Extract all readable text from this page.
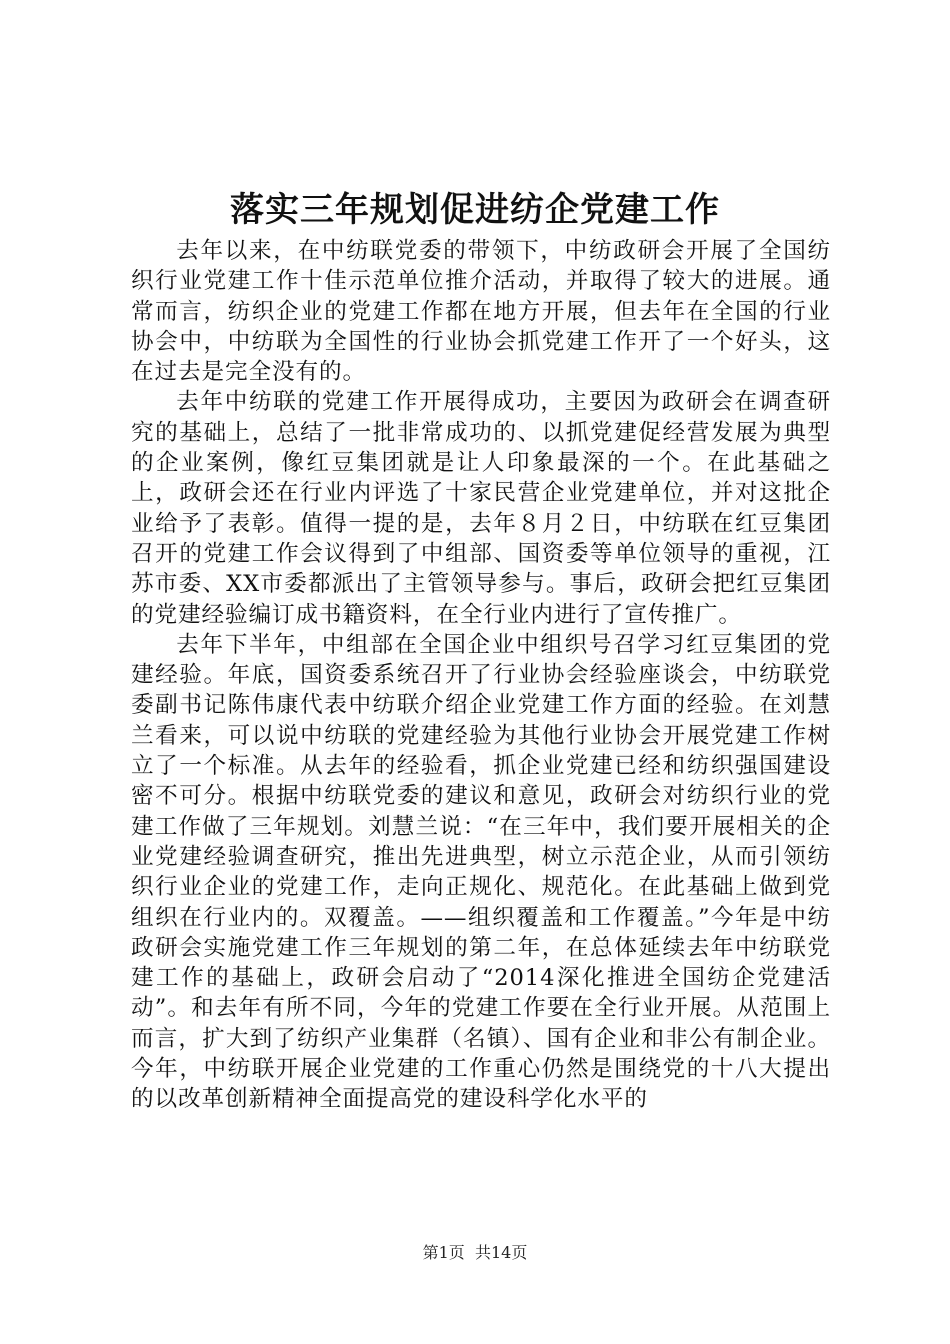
落实三年规划促进纺企党建工作

去年以来，在中纺联党委的带领下，中纺政研会开展了全国纺织行业党建工作十佳示范单位推介活动，并取得了较大的进展。通常而言，纺织企业的党建工作都在地方开展，但去年在全国的行业协会中，中纺联为全国性的行业协会抓党建工作开了一个好头，这在过去是完全没有的。

去年中纺联的党建工作开展得成功，主要因为政研会在调查研究的基础上，总结了一批非常成功的、以抓党建促经营发展为典型的企业案例，像红豆集团就是让人印象最深的一个。在此基础之上，政研会还在行业内评选了十家民营企业党建单位，并对这批企业给予了表彰。值得一提的是，去年８月２日，中纺联在红豆集团召开的党建工作会议得到了中组部、国资委等单位领导的重视，江苏市委、XX市委都派出了主管领导参与。事后，政研会把红豆集团的党建经验编订成书籍资料，在全行业内进行了宣传推广。

去年下半年，中组部在全国企业中组织号召学习红豆集团的党建经验。年底，国资委系统召开了行业协会经验座谈会，中纺联党委副书记陈伟康代表中纺联介绍企业党建工作方面的经验。在刘慧兰看来，可以说中纺联的党建经验为其他行业协会开展党建工作树立了一个标准。从去年的经验看，抓企业党建已经和纺织强国建设密不可分。根据中纺联党委的建议和意见，政研会对纺织行业的党建工作做了三年规划。刘慧兰说：“在三年中，我们要开展相关的企业党建经验调查研究，推出先进典型，树立示范企业，从而引领纺织行业企业的党建工作，走向正规化、规范化。在此基础上做到党组织在行业内的。双覆盖。——组织覆盖和工作覆盖。”今年是中纺政研会实施党建工作三年规划的第二年，在总体延续去年中纺联党建工作的基础上，政研会启动了“2014深化推进全国纺企党建活动”。和去年有所不同，今年的党建工作要在全行业开展。从范围上而言，扩大到了纺织产业集群（名镇）、国有企业和非公有制企业。今年，中纺联开展企业党建的工作重心仍然是围绕党的十八大提出的以改革创新精神全面提高党的建设科学化水平的

第1页 共14页
